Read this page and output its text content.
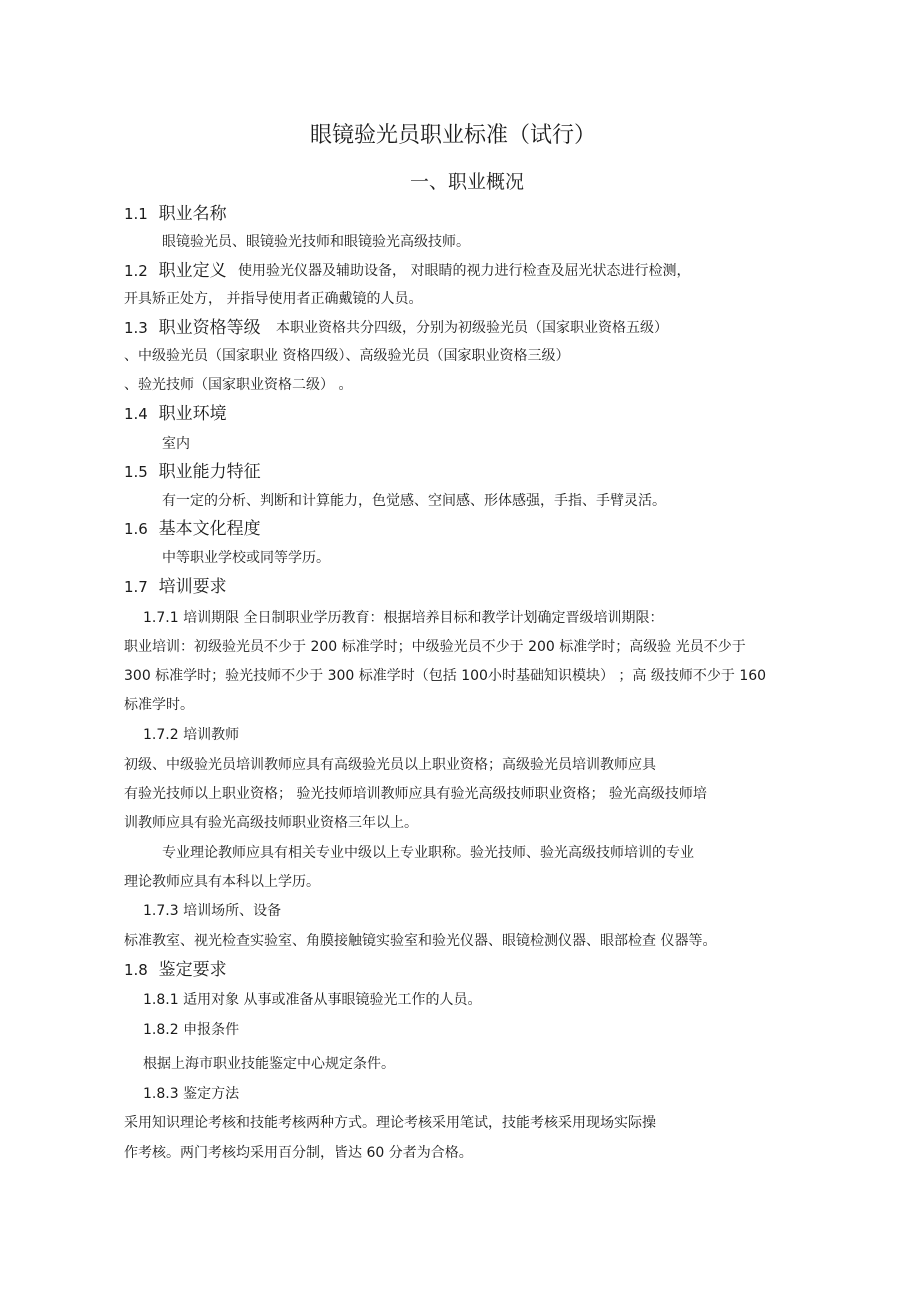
眼镜验光员职业标准（试行）
一、职业概况
1.1 职业名称
眼镜验光员、眼镜验光技师和眼镜验光高级技师。
1.2 职业定义 使用验光仪器及辅助设备， 对眼睛的视力进行检查及屈光状态进行检测，
开具矫正处方， 并指导使用者正确戴镜的人员。
1.3 职业资格等级 本职业资格共分四级，分别为初级验光员（国家职业资格五级）
、中级验光员（国家职业 资格四级）、高级验光员（国家职业资格三级）
、验光技师（国家职业资格二级） 。
1.4 职业环境
室内
1.5 职业能力特征
有一定的分析、判断和计算能力，色觉感、空间感、形体感强，手指、手臂灵活。
1.6 基本文化程度
中等职业学校或同等学历。
1.7 培训要求
1.7.1 培训期限 全日制职业学历教育：根据培养目标和教学计划确定晋级培训期限：
职业培训：初级验光员不少于 200 标准学时；中级验光员不少于 200 标准学时；高级验 光员不少于
300 标准学时；验光技师不少于 300 标准学时（包括 100小时基础知识模块） ；高 级技师不少于 160
标准学时。
1.7.2 培训教师
初级、中级验光员培训教师应具有高级验光员以上职业资格；高级验光员培训教师应具
有验光技师以上职业资格； 验光技师培训教师应具有验光高级技师职业资格； 验光高级技师培
训教师应具有验光高级技师职业资格三年以上。
专业理论教师应具有相关专业中级以上专业职称。验光技师、验光高级技师培训的专业
理论教师应具有本科以上学历。
1.7.3 培训场所、设备
标准教室、视光检查实验室、角膜接触镜实验室和验光仪器、眼镜检测仪器、眼部检查 仪器等。
1.8 鉴定要求
1.8.1 适用对象 从事或准备从事眼镜验光工作的人员。
1.8.2 申报条件
根据上海市职业技能鉴定中心规定条件。
1.8.3 鉴定方法
采用知识理论考核和技能考核两种方式。理论考核采用笔试，技能考核采用现场实际操
作考核。两门考核均采用百分制，皆达 60 分者为合格。
